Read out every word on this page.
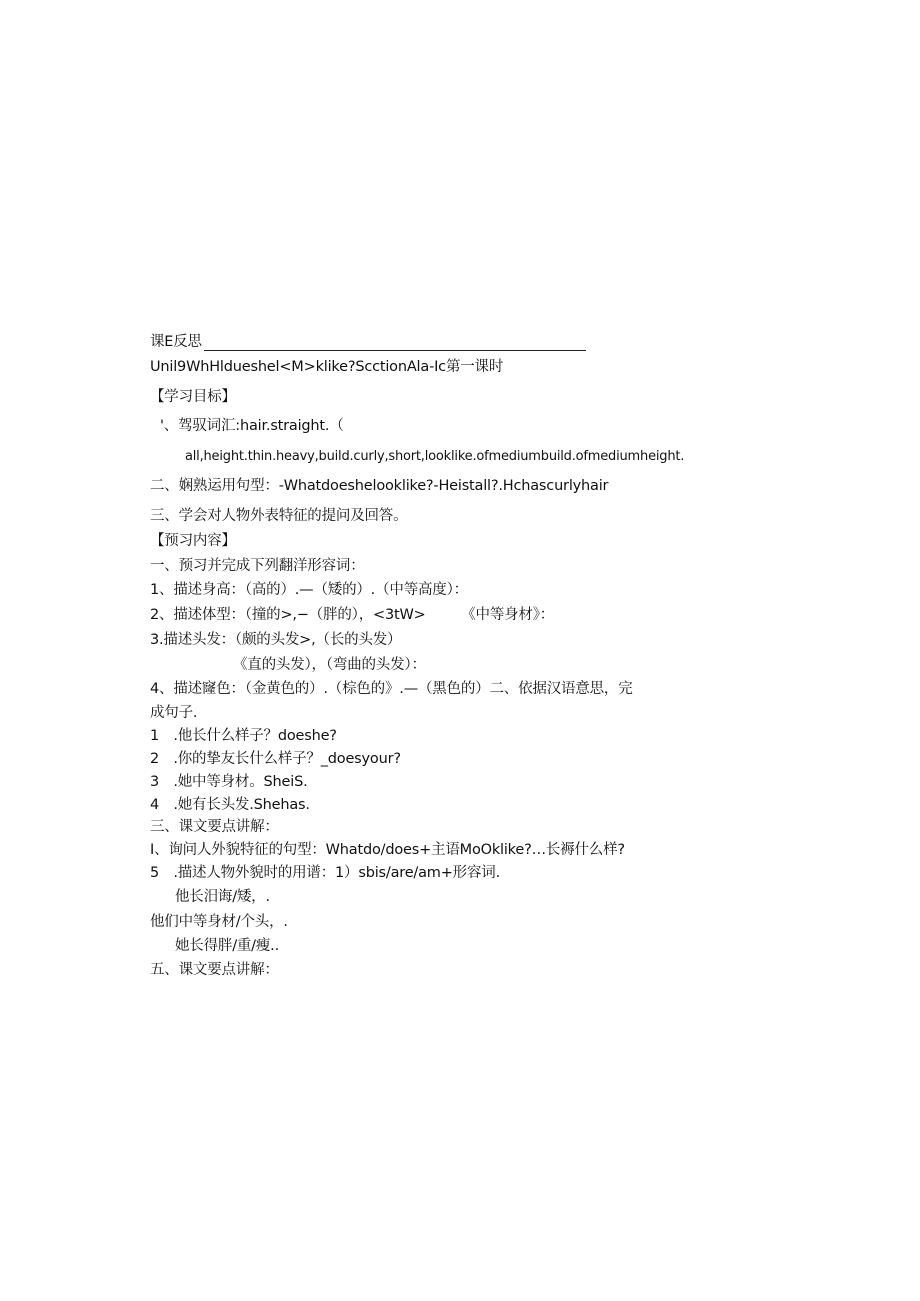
课E反思
Unil9WhHldueshel<M>klike?ScctionAla-Ic第一课时
【学习目标】
'、驾驭词汇:hair.straight.（
all,height.thin.heavy,build.curly,short,looklike.ofmediumbuild.ofmediumheight.
二、娴熟运用句型：-Whatdoeshelooklike?-Heistall?.Hchascurlyhair
三、学会对人物外表特征的提问及回答。
【预习内容】
一、预习并完成下列翻洋形容词：
1、描述身高：（高的）.—（矮的）.（中等高度）：
2、描述体型：（撞的>,−（胖的），<3tW>　　　《中等身材》：
3.描述头发：（颇的头发>,（长的头发）
《直的头发），（弯曲的头发）：
4、描述窿色：（金黄色的）.（棕色的》.—（黑色的）二、依据汉语意思，完
成句子.
1　.他长什么样子？doeshe?
2　.你的挚友长什么样子？_doesyour?
3　.她中等身材。SheiS.
4　.她有长头发.Shehas.
三、课文要点讲解：
I、询问人外貌特征的句型：Whatdo/does+主语MoOklike?…长褥什么样?
5　.描述人物外貌时的用谱：1）sbis∕are∕am+形容词.
他长汨诲/矮，.
他们中等身材/个头，.
她长得胖/重/瘦..
五、课文要点讲解：
